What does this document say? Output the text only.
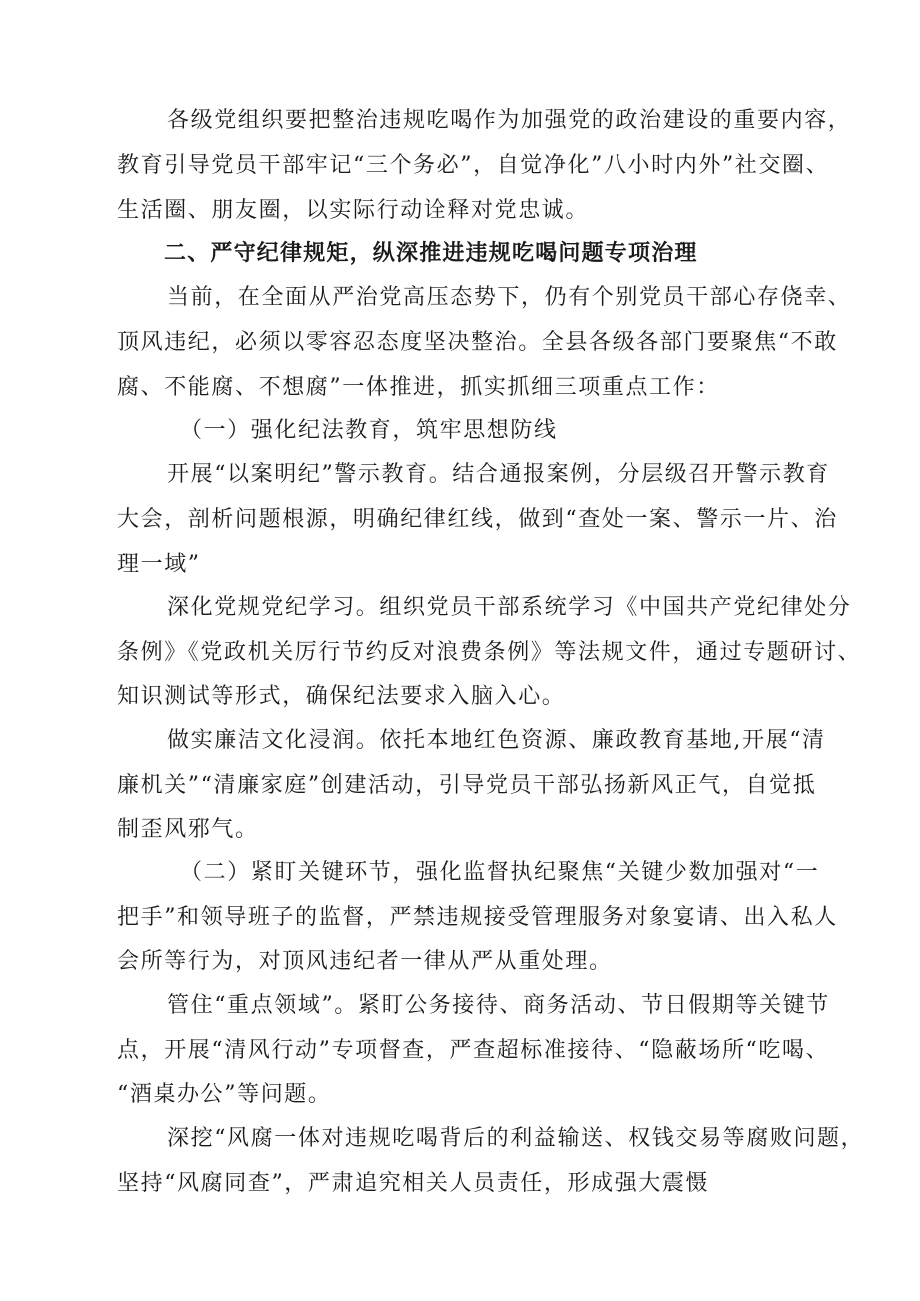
各级党组织要把整治违规吃喝作为加强党的政治建设的重要内容，
教育引导党员干部牢记“三个务必”，自觉净化”八小时内外”社交圈、
生活圈、朋友圈，以实际行动诠释对党忠诚。
二、严守纪律规矩，纵深推进违规吃喝问题专项治理
当前，在全面从严治党高压态势下，仍有个别党员干部心存侥幸、
顶风违纪，必须以零容忍态度坚决整治。全县各级各部门要聚焦“不敢
腐、不能腐、不想腐”一体推进，抓实抓细三项重点工作：
（一）强化纪法教育，筑牢思想防线
开展“以案明纪”警示教育。结合通报案例，分层级召开警示教育
大会，剖析问题根源，明确纪律红线，做到“查处一案、警示一片、治
理一域”
深化党规党纪学习。组织党员干部系统学习《中国共产党纪律处分
条例》《党政机关厉行节约反对浪费条例》等法规文件，通过专题研讨、
知识测试等形式，确保纪法要求入脑入心。
做实廉洁文化浸润。依托本地红色资源、廉政教育基地,开展“清
廉机关”“清廉家庭”创建活动，引导党员干部弘扬新风正气，自觉抵
制歪风邪气。
（二）紧盯关键环节，强化监督执纪聚焦“关键少数加强对“一
把手”和领导班子的监督，严禁违规接受管理服务对象宴请、出入私人
会所等行为，对顶风违纪者一律从严从重处理。
管住“重点领域”。紧盯公务接待、商务活动、节日假期等关键节
点，开展“清风行动”专项督查，严查超标准接待、“隐蔽场所“吃喝、
“酒桌办公”等问题。
深挖“风腐一体对违规吃喝背后的利益输送、权钱交易等腐败问题，
坚持“风腐同查”，严肃追究相关人员责任，形成强大震慑
